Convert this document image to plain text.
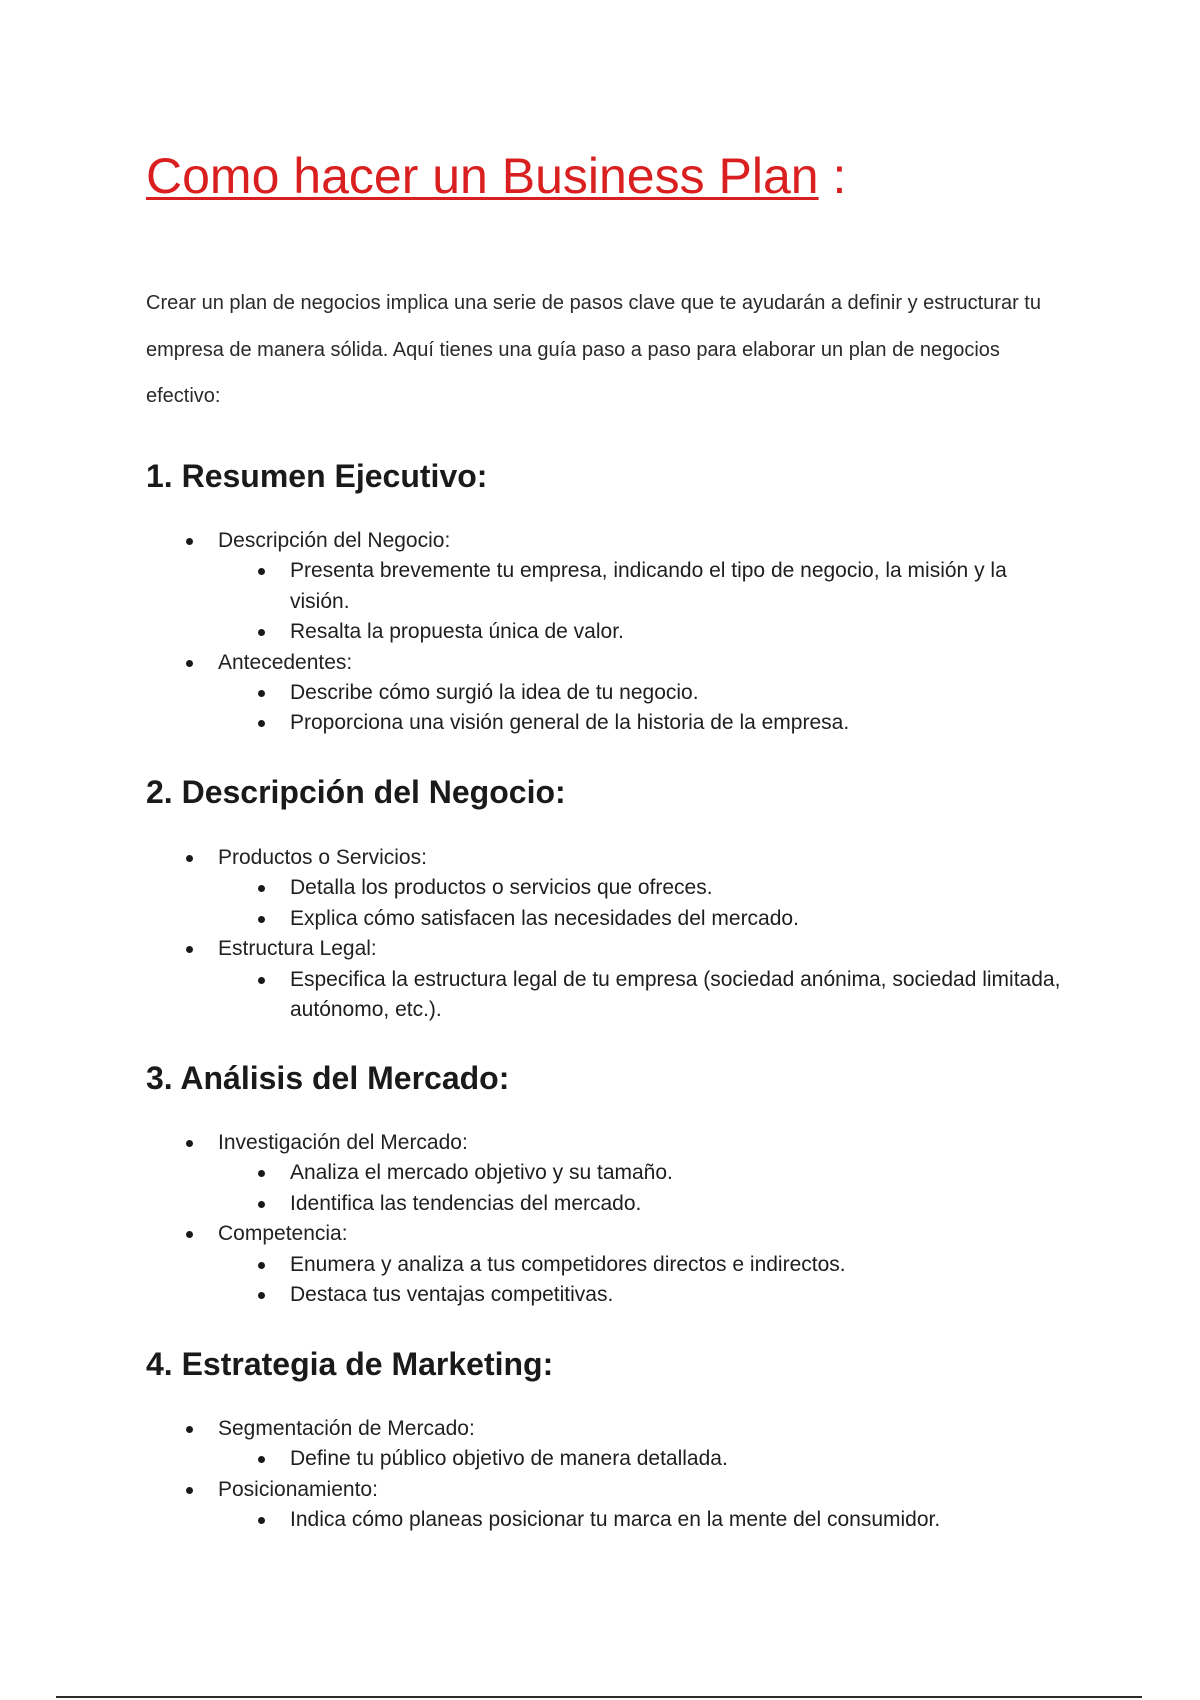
Como hacer un Business Plan :

Crear un plan de negocios implica una serie de pasos clave que te ayudarán a definir y estructurar tu empresa de manera sólida. Aquí tienes una guía paso a paso para elaborar un plan de negocios efectivo:

1. Resumen Ejecutivo:
Descripción del Negocio:
Presenta brevemente tu empresa, indicando el tipo de negocio, la misión y la visión.
Resalta la propuesta única de valor.
Antecedentes:
Describe cómo surgió la idea de tu negocio.
Proporciona una visión general de la historia de la empresa.
2. Descripción del Negocio:
Productos o Servicios:
Detalla los productos o servicios que ofreces.
Explica cómo satisfacen las necesidades del mercado.
Estructura Legal:
Especifica la estructura legal de tu empresa (sociedad anónima, sociedad limitada, autónomo, etc.).
3. Análisis del Mercado:
Investigación del Mercado:
Analiza el mercado objetivo y su tamaño.
Identifica las tendencias del mercado.
Competencia:
Enumera y analiza a tus competidores directos e indirectos.
Destaca tus ventajas competitivas.
4. Estrategia de Marketing:
Segmentación de Mercado:
Define tu público objetivo de manera detallada.
Posicionamiento:
Indica cómo planeas posicionar tu marca en la mente del consumidor.
